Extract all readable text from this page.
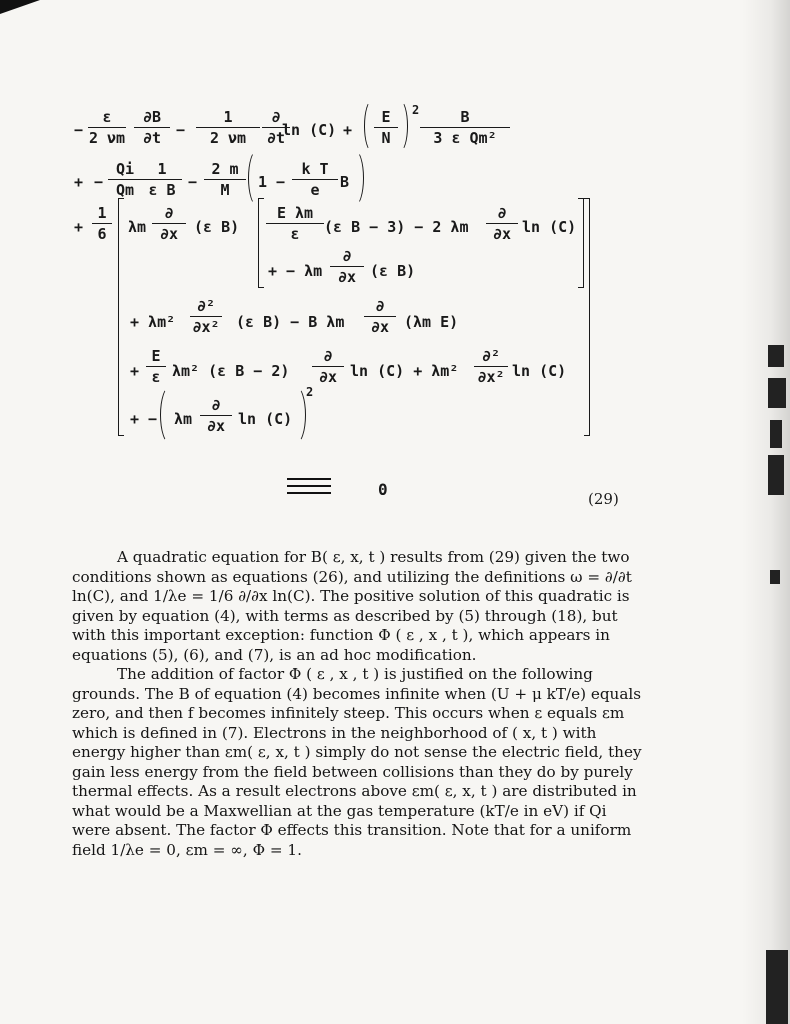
− $\frac{\varepsilon}{2 \nu m} \frac{\partial B}{\partial t} - \frac{1}{2 \nu m}$ ∂
∂t
$\ln (C) + \frac{E}{N} 2 \frac{B}{\text{3 ε Qm²}}$
+ − $\frac{Qi}{Qm} \frac{1}{\text{ε B}} - \frac{2 m}{M} 1 - \frac{\text{k T}}{e}$ B
+ $\frac{1}{6}$ λm
∂
∂x	(ε $B) \frac{\text{E λm}}{\varepsilon} (\varepsilon$ B − 3) − 2 λm
∂
∂x ln (C)
+ − λm
∂
∂x (ε B)
+ λm²
∂²
∂x² (ε B) − B λm
∂
∂x (λm E)
+ $\frac{E}{\varepsilon} \lambda m^2$ (ε B − 2)
∂
∂x ln (C) + λm²
∂²
∂x² ln (C)
+ − λm
∂
∂x ln (C)
2
0	(29)

A quadratic equation for B( ε, x, t ) results from (29) given the two conditions shown as equations (26), and utilizing the definitions ω = ∂/∂t ln(C), and 1/λe = 1/6 ∂/∂x ln(C). The positive solution of this quadratic is given by equation (4), with terms as described by (5) through (18), but with this important exception: function Φ ( ε , x , t ), which appears in equations (5), (6), and (7), is an ad hoc modification.

The addition of factor Φ ( ε , x , t ) is justified on the following grounds. The B of equation (4) becomes infinite when (U + μ kT/e) equals zero, and then f becomes infinitely steep. This occurs when ε equals εm which is defined in (7). Electrons in the neighborhood of ( x, t ) with energy higher than εm( ε, x, t ) simply do not sense the electric field, they gain less energy from the field between collisions than they do by purely thermal effects. As a result electrons above εm( ε, x, t ) are distributed in what would be a Maxwellian at the gas temperature (kT/e in eV) if Qi were absent. The factor Φ effects this transition. Note that for a uniform field 1/λe = 0, εm = ∞, Φ = 1.
